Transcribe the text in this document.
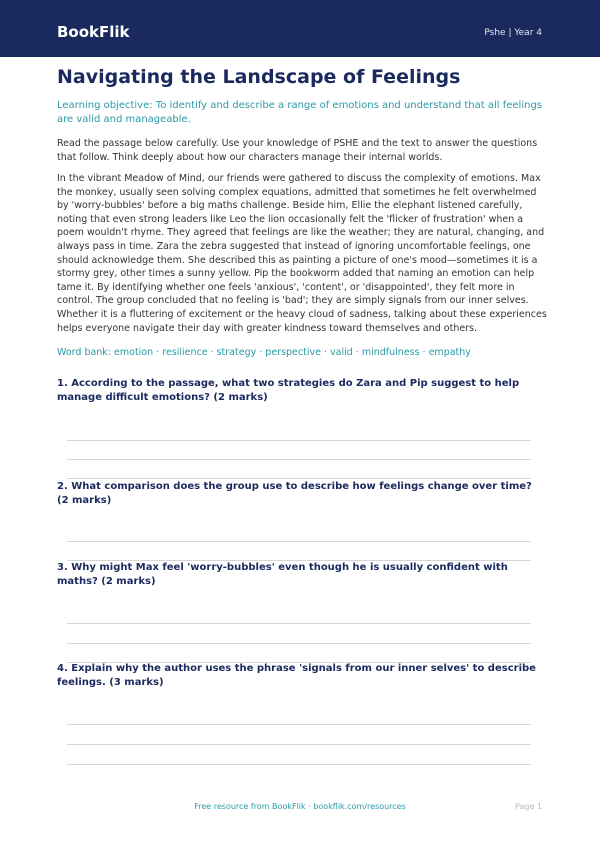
BookFlik	Pshe | Year 4
Navigating the Landscape of Feelings

Learning objective: To identify and describe a range of emotions and understand that all feelings are valid and manageable.

Read the passage below carefully. Use your knowledge of PSHE and the text to answer the questions that follow. Think deeply about how our characters manage their internal worlds.

In the vibrant Meadow of Mind, our friends were gathered to discuss the complexity of emotions. Max the monkey, usually seen solving complex equations, admitted that sometimes he felt overwhelmed by 'worry-bubbles' before a big maths challenge. Beside him, Ellie the elephant listened carefully, noting that even strong leaders like Leo the lion occasionally felt the 'flicker of frustration' when a poem wouldn't rhyme. They agreed that feelings are like the weather; they are natural, changing, and always pass in time. Zara the zebra suggested that instead of ignoring uncomfortable feelings, one should acknowledge them. She described this as painting a picture of one's mood—sometimes it is a stormy grey, other times a sunny yellow. Pip the bookworm added that naming an emotion can help tame it. By identifying whether one feels 'anxious', 'content', or 'disappointed', they felt more in control. The group concluded that no feeling is 'bad'; they are simply signals from our inner selves. Whether it is a fluttering of excitement or the heavy cloud of sadness, talking about these experiences helps everyone navigate their day with greater kindness toward themselves and others.

Word bank: emotion · resilience · strategy · perspective · valid · mindfulness · empathy

1. According to the passage, what two strategies do Zara and Pip suggest to help manage difficult emotions? (2 marks)

2. What comparison does the group use to describe how feelings change over time? (2 marks)

3. Why might Max feel 'worry-bubbles' even though he is usually confident with maths? (2 marks)

4. Explain why the author uses the phrase 'signals from our inner selves' to describe feelings. (3 marks)

Free resource from BookFlik · bookflik.com/resources	Page 1
